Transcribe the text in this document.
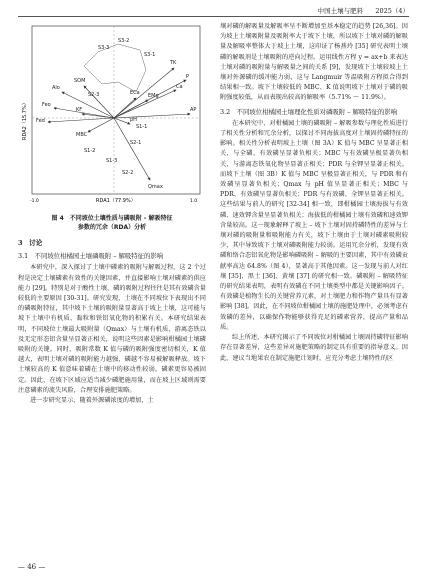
中国土壤与肥料 2025（4）
S3-2
S3-1
S3-3
TK
P
Ca
AP
Alo
SOM
S2-3
Fed
Feo
KF
MBC
ECa EMg
S1-1
S1-2
S1-3
S2-1
S2-2
pH
Qmax
-1.0	RDA1（77.9%）	1.0
RDA2（15.7%）
图 4　不同坡位土壤性质与磷吸附 - 解吸特征
参数的冗余（RDA）分析
3　讨论
3.1　不同坡位柑橘园土壤磷吸附 – 解吸特征的影响

本研究中，深入探讨了土壤中磷素的吸附与解吸过程，这 2 个过程是决定土壤磷素有效性的关键因素，并直接影响土壤对磷素的供应能力 [29]。特别是对于酸性土壤，磷的吸附过程往往是其有效磷含量较低的主要原因 [30-31]。研究发现，土壤在不同坡位下表现出不同的磷吸附特征，其中坡下土壤的吸附量显著高于坡上土壤，这可能与坡下土壤中有机质、黏粒和铁铝氧化物的积累有关。本研究结果表明，不同坡位土壤最大吸附量（Qmax）与土壤有机质、游离态铁以及无定形态铝含量呈显著正相关，说明这些因素是影响柑橘园土壤磷吸附的关键。同时，吸附常数 K 值与磷的吸附强度密切相关，K 值越大，表明土壤对磷的吸附能力越强，磷越不容易被解吸释放。坡下土壤较高的 K 值意味着磷在土壤中的移动性较弱，磷素更容易被固定。因此，在坡下区域应适当减少磷肥施用量，而在坡上区域则需要注意磷素的流失风险，合理安排施肥策略。

进一步研究显示，随着外源磷浓度的增加，土

壤对磷的解吸量及解吸率呈不断增加至基本稳定的趋势 [26,36]。因为坡上土壤吸附量及吸附率大于坡下土壤，所以坡下土壤对磷的解吸量及解吸率整体大于坡上土壤，这印证了杨燕玲 [35] 研究表明土壤磷的解吸剂是土壤吸附的逆向过程。运用线性方程 y = ax+b 来表达土壤对磷的吸附量与解吸量之间的关系 [9]，发现坡下土壤较坡上土壤对外源磷的缓冲能力弱，这与 Langmuir 等温吸附方程拟合得到结果相一致。坡下土壤较低的 MBC、K 值说明坡下土壤对于磷的吸附强度较低，从而表现出较高的解吸率（5.71% ～ 11.9%）。

3.2　不同坡位柑橘园土壤理化性质对磷吸附 – 解吸特征的影响

在本研究中，对柑橘园土壤的磷吸附 – 解吸参数与理化性质进行了相关性分析和冗余分析，以探讨不同海拔高度对土壤固持磷特征的影响。相关性分析表明坡上土壤（图 3A）K 值与 MBC 呈显著正相关，与全磷、有效磷呈显著负相关；MBC 与有效磷呈极显著负相关，与游离态铁氧化物呈显著正相关；PDR 与全钾呈显著正相关。而坡下土壤（图 3B）K 值与 MBC 呈极显著正相关，与 PDR 和有效磷呈显著负相关；Qmax 与 pH 值呈显著正相关；MBC 与 PDR、有效磷呈显著负相关；PDR 与有效磷、全钾呈显著正相关。这些结果与前人的研究 [32-34] 相一致，即柑橘园土壤海拔与有效磷、速效钾含量呈显著负相关；海拔低的柑橘园土壤有效磷和速效钾含量较高。这一现象解释了坡上 – 坡下土壤对固持磷特性的差异与土壤对磷的吸附量和吸附能力有关，坡下土壤由于土壤对磷素吸附较少，其中导致坡下土壤对磷吸附能力较弱。运用冗余分析，发现有效磷和络合态铝氧化物是影响磷吸附 – 解吸的主要因素，其中有效磷贡献率高达 64.8%（图 4），显著高于其他因素。这一发现与前人对红壤 [35]、黑土 [36]、黄壤 [37] 的研究相一致。磷吸附 – 解吸特征的研究结果表明，表明有效磷在不同土壤类型中都是关键影响因子。有效磷是植物生长的关键营养元素，对土壤肥力和作物产量具有显著影响 [38]。因此，在不同坡位柑橘园土壤的施肥处理中，必须考虑有效磷的差异，以确保作物能够获得充足的磷素营养，提高产量和品质。

综上所述，本研究揭示了不同坡位对柑橘园土壤固持磷特征影响存在显著差异，这些差异对施肥策略的制定具有重要的指导意义。因此，建议当地果农在制定施肥计划时，应充分考虑土壤特性的区

— 46 —
